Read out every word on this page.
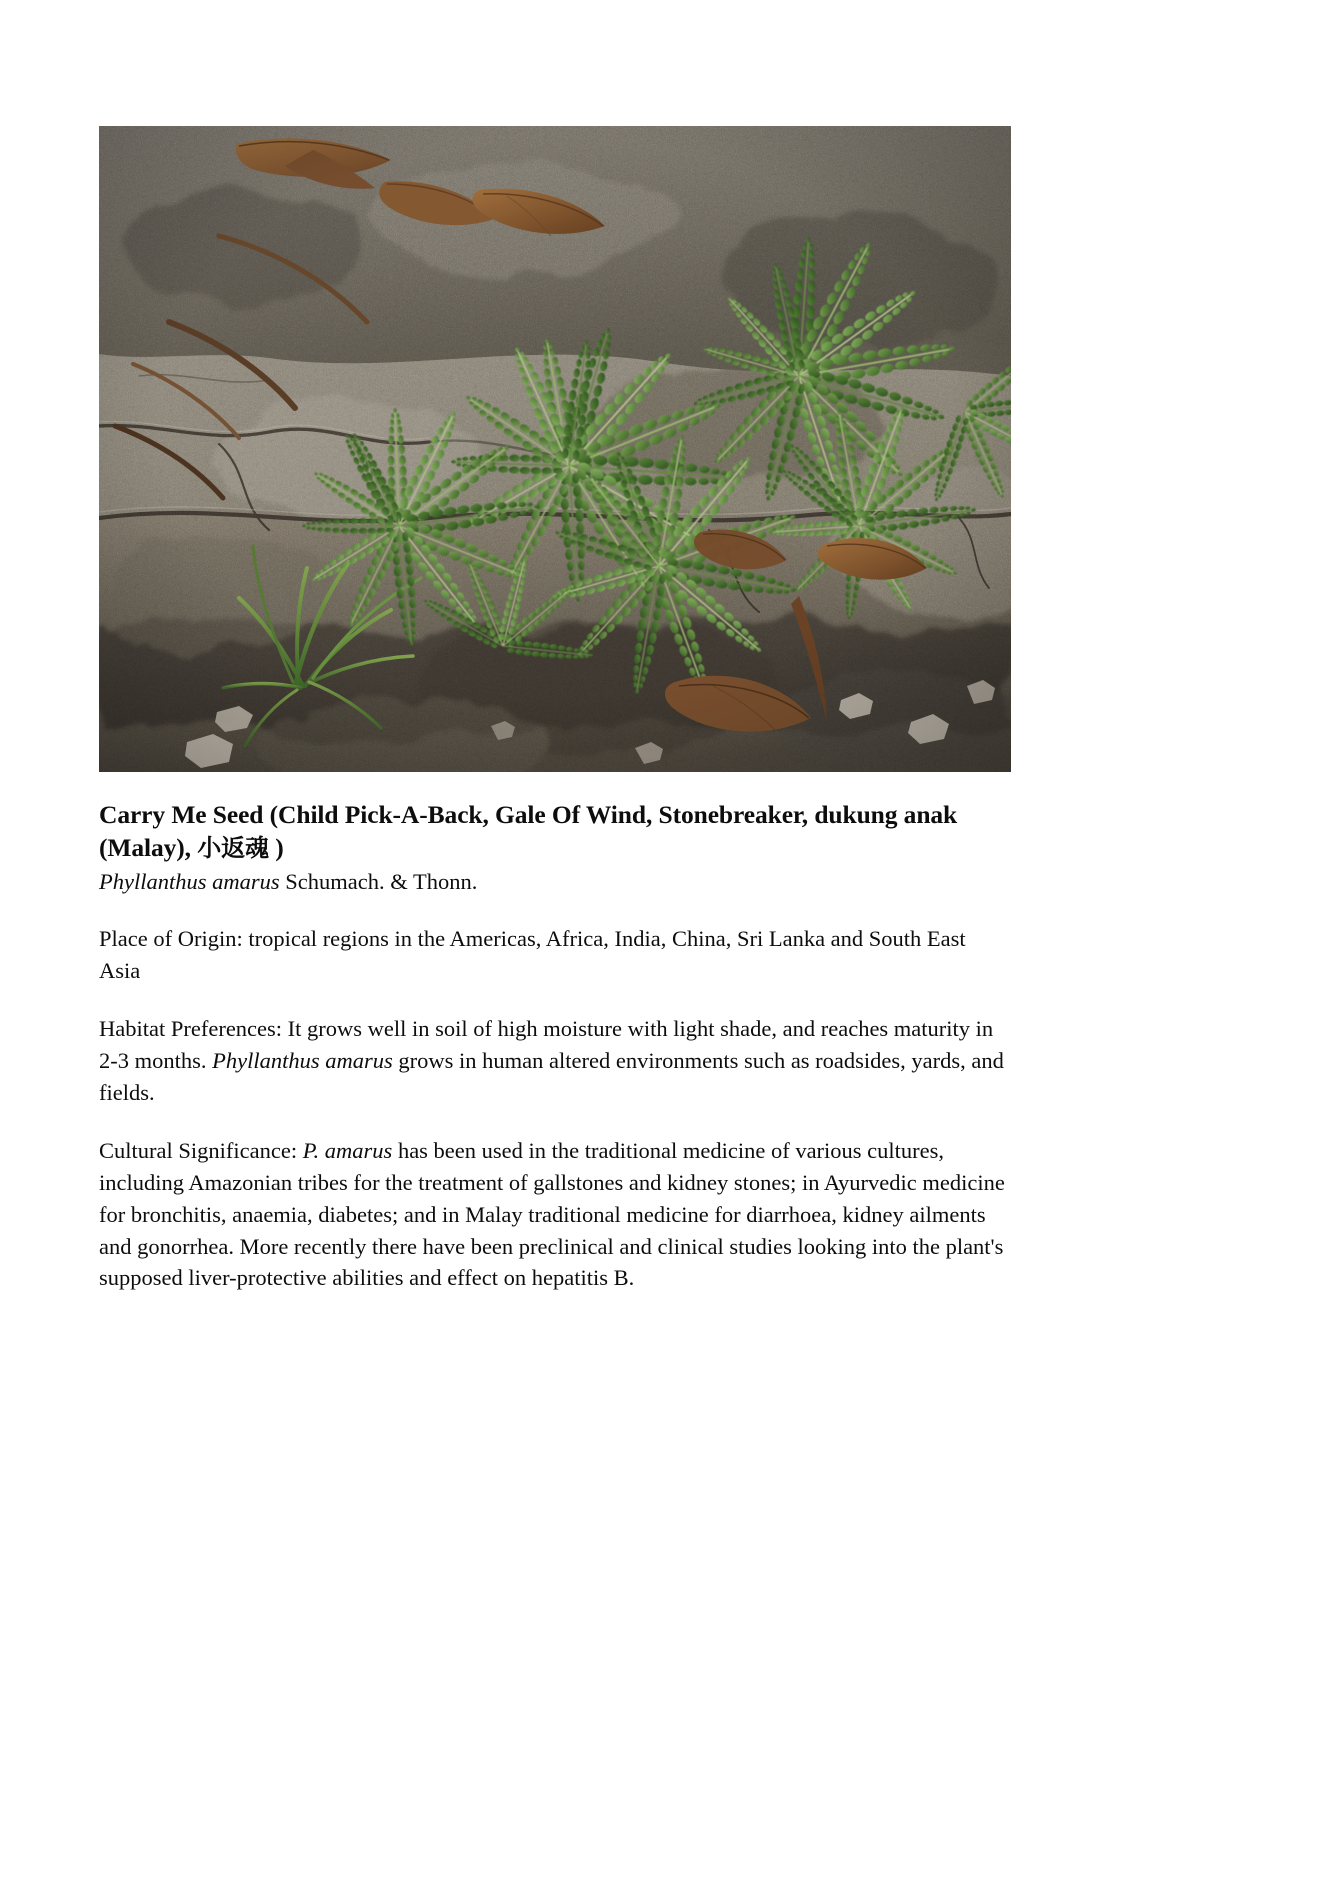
Carry Me Seed (Child Pick-A-Back, Gale Of Wind, Stonebreaker, dukung anak (Malay), 小返魂 )

Phyllanthus amarus Schumach. & Thonn.

Place of Origin: tropical regions in the Americas, Africa, India, China, Sri Lanka and South East Asia

Habitat Preferences: It grows well in soil of high moisture with light shade, and reaches maturity in 2-3 months. Phyllanthus amarus grows in human altered environments such as roadsides, yards, and fields.

Cultural Significance: P. amarus has been used in the traditional medicine of various cultures, including Amazonian tribes for the treatment of gallstones and kidney stones; in Ayurvedic medicine for bronchitis, anaemia, diabetes; and in Malay traditional medicine for diarrhoea, kidney ailments and gonorrhea. More recently there have been preclinical and clinical studies looking into the plant's supposed liver-protective abilities and effect on hepatitis B.
